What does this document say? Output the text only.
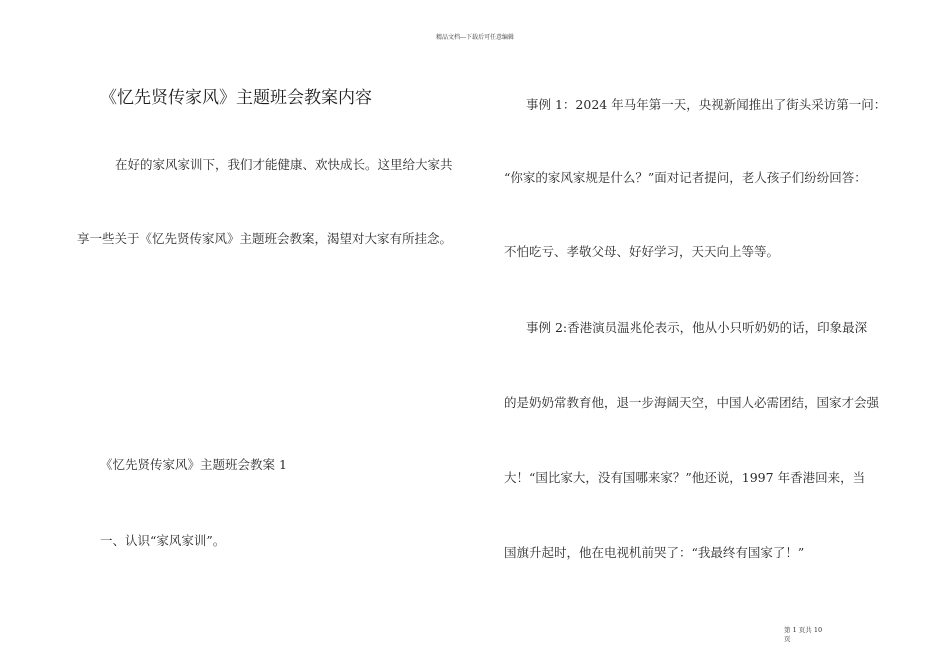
精品文档---下载后可任意编辑
《忆先贤传家风》主题班会教案内容
在好的家风家训下，我们才能健康、欢快成长。这里给大家共
享一些关于《忆先贤传家风》主题班会教案，渴望对大家有所挂念。
《忆先贤传家风》主题班会教案 1
一、认识“家风家训”。
事例 1：2024 年马年第一天，央视新闻推出了街头采访第一问：
“你家的家风家规是什么？”面对记者提问，老人孩子们纷纷回答：
不怕吃亏、孝敬父母、好好学习，天天向上等等。
事例 2:香港演员温兆伦表示，他从小只听奶奶的话，印象最深
的是奶奶常教育他，退一步海阔天空，中国人必需团结，国家才会强
大！“国比家大，没有国哪来家？”他还说，1997 年香港回来，当
国旗升起时，他在电视机前哭了：“我最终有国家了！”
第 1 页共 10
页
